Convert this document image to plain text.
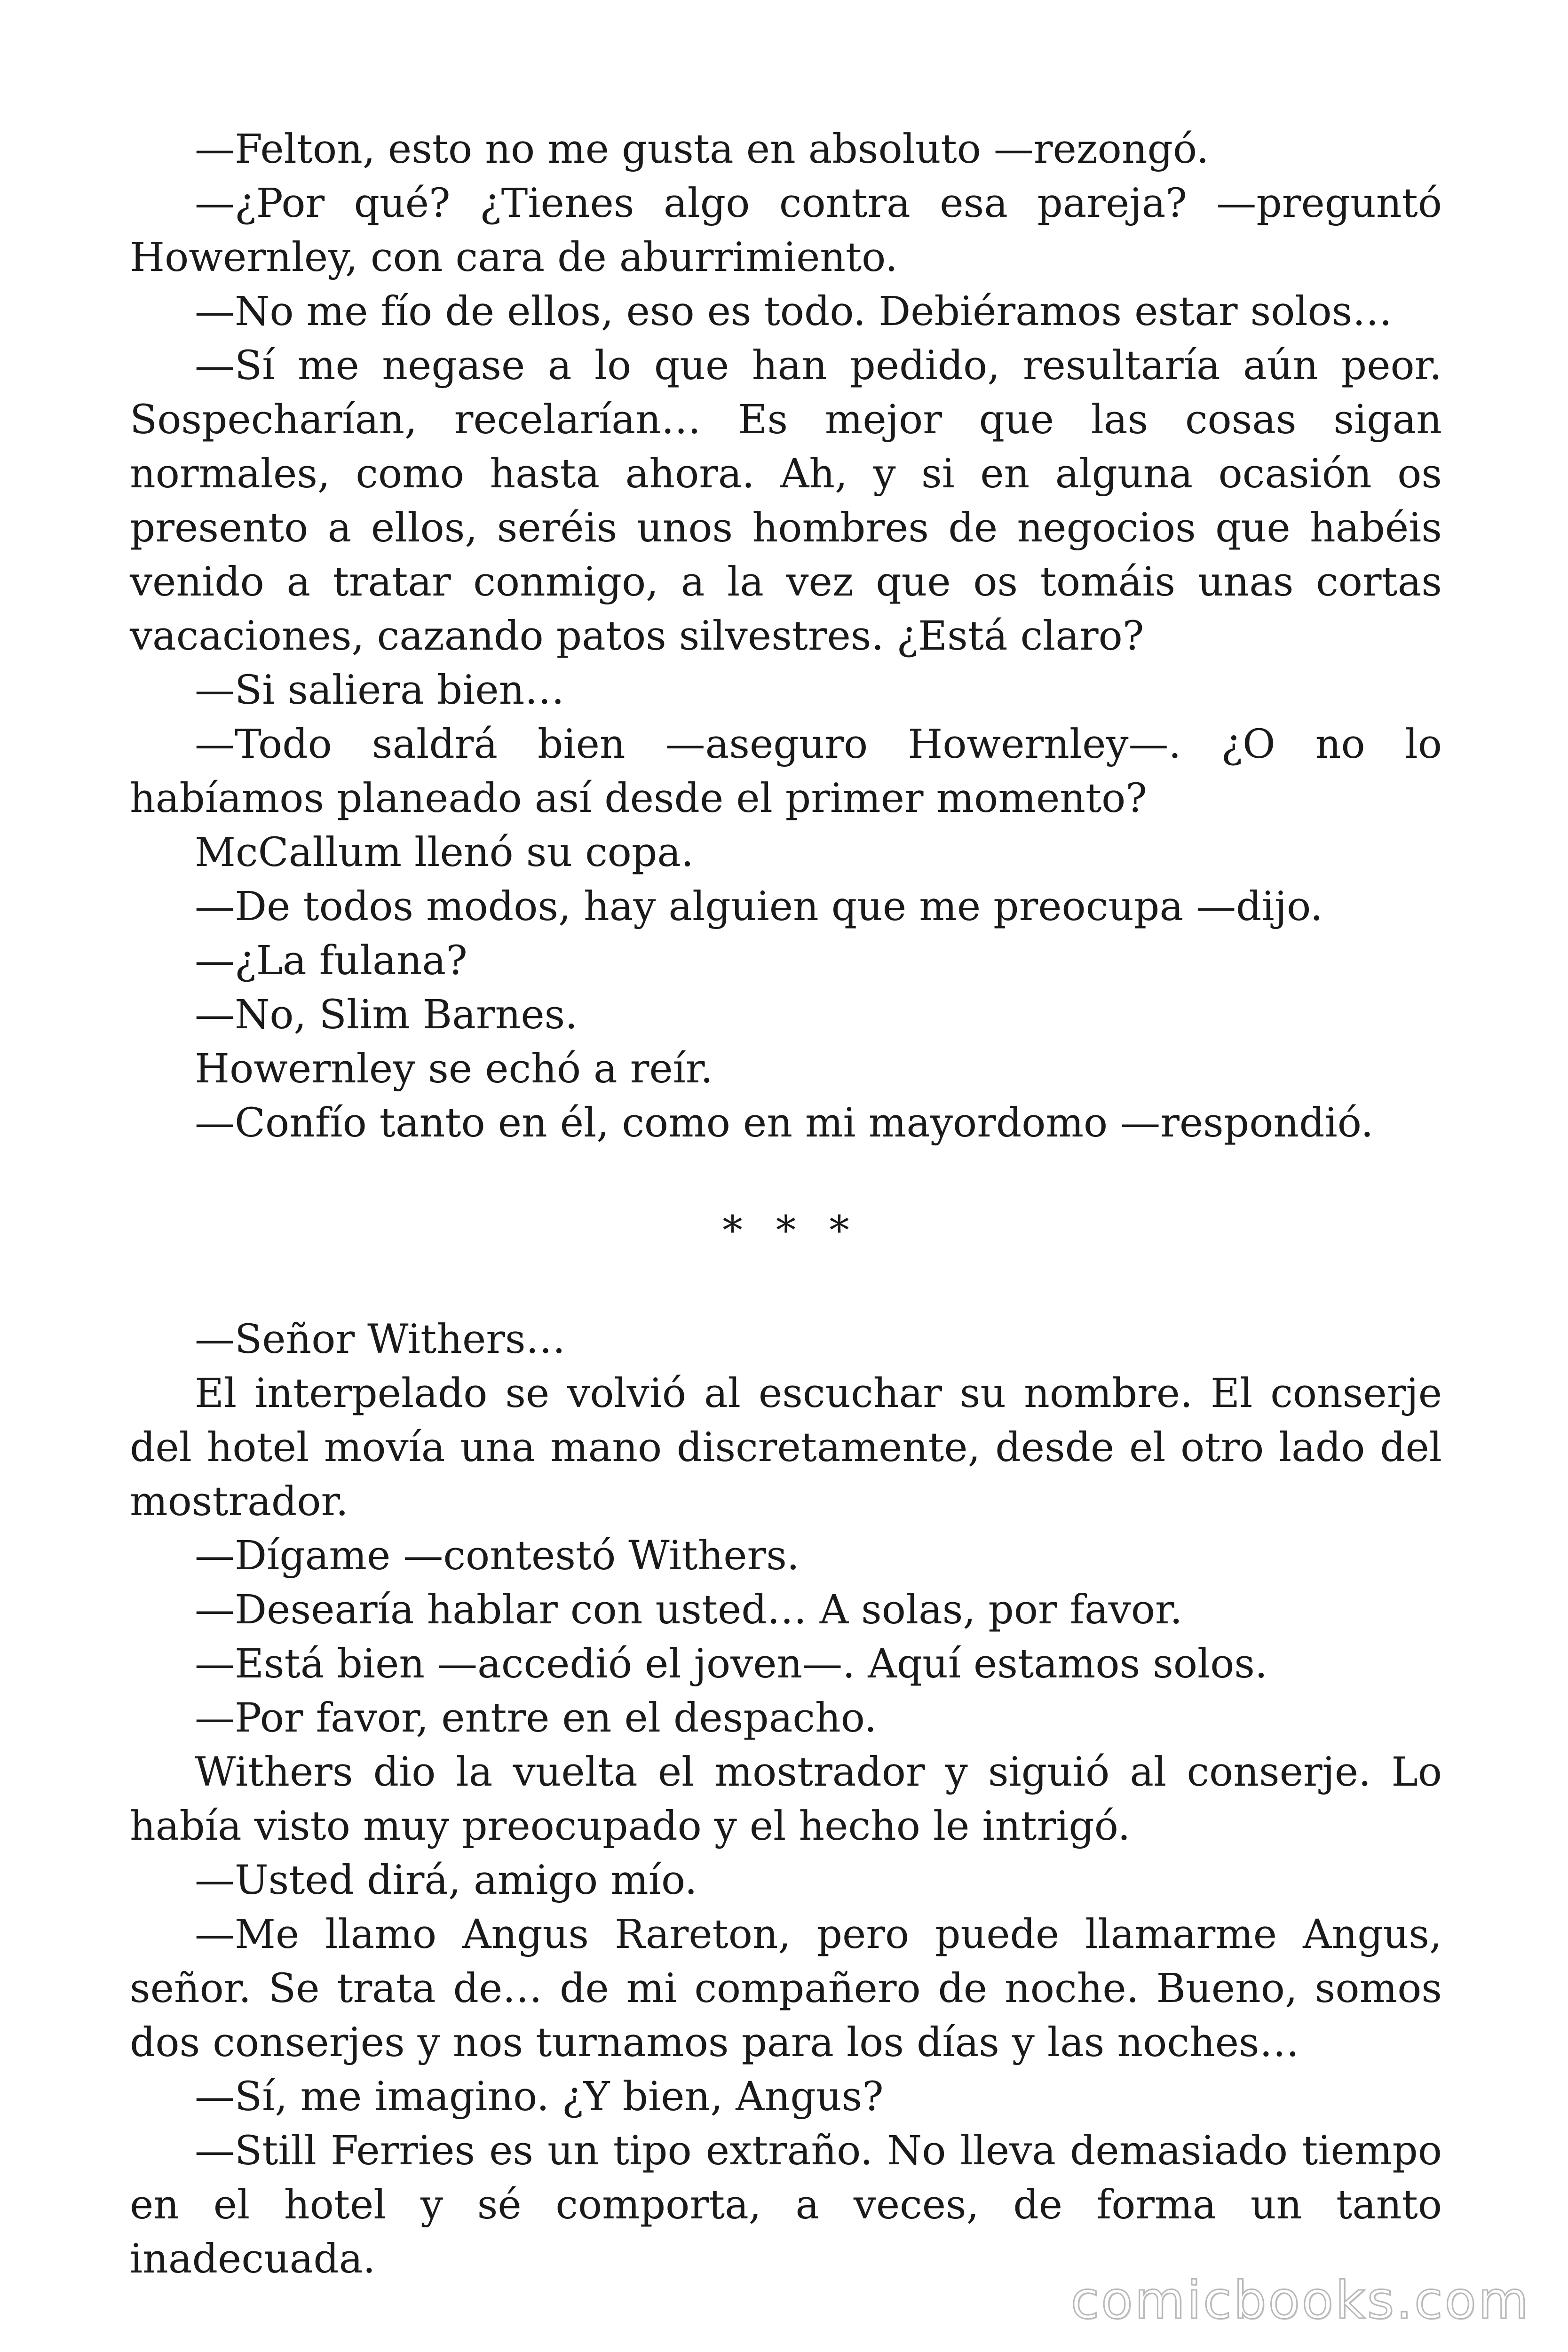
—Felton, esto no me gusta en absoluto —rezongó.

—¿Por qué? ¿Tienes algo contra esa pareja? —preguntó Howernley, con cara de aburrimiento.

—No me fío de ellos, eso es todo. Debiéramos estar solos…

—Sí me negase a lo que han pedido, resultaría aún peor. Sospecharían, recelarían… Es mejor que las cosas sigan normales, como hasta ahora. Ah, y si en alguna ocasión os presento a ellos, seréis unos hombres de negocios que habéis venido a tratar conmigo, a la vez que os tomáis unas cortas vacaciones, cazando patos silvestres. ¿Está claro?

—Si saliera bien…

—Todo saldrá bien —aseguro Howernley—. ¿O no lo habíamos planeado así desde el primer momento?

McCallum llenó su copa.

—De todos modos, hay alguien que me preocupa —dijo.

—¿La fulana?

—No, Slim Barnes.

Howernley se echó a reír.

—Confío tanto en él, como en mi mayordomo —respondió.

* * *

—Señor Withers…

El interpelado se volvió al escuchar su nombre. El conserje del hotel movía una mano discretamente, desde el otro lado del mostrador.

—Dígame —contestó Withers.

—Desearía hablar con usted… A solas, por favor.

—Está bien —accedió el joven—. Aquí estamos solos.

—Por favor, entre en el despacho.

Withers dio la vuelta el mostrador y siguió al conserje. Lo había visto muy preocupado y el hecho le intrigó.

—Usted dirá, amigo mío.

—Me llamo Angus Rareton, pero puede llamarme Angus, señor. Se trata de… de mi compañero de noche. Bueno, somos dos conserjes y nos turnamos para los días y las noches…

—Sí, me imagino. ¿Y bien, Angus?

—Still Ferries es un tipo extraño. No lleva demasiado tiempo en el hotel y sé comporta, a veces, de forma un tanto inadecuada.

comicbooks.com
